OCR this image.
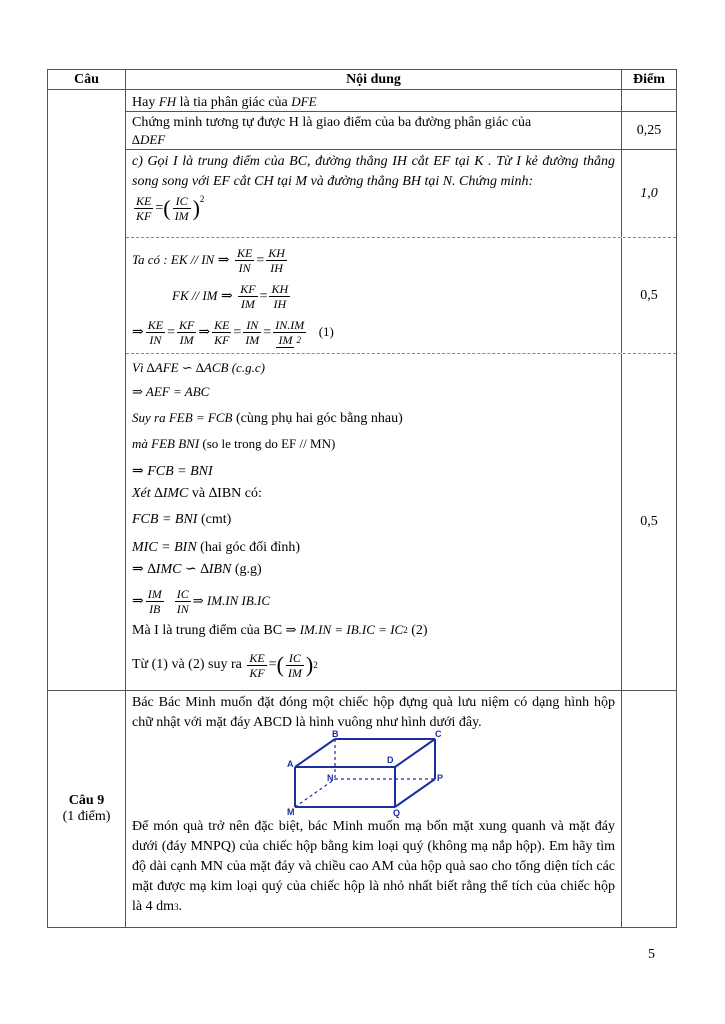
Câu	Nội dung	Điểm
Hay FH là tia phân giác của DFE
Chứng minh tương tự được H là giao điểm của ba đường phân giác của
∆DEF
0,25
c) Gọi I là trung điểm của BC, đường thẳng IH cắt EF tại K . Từ I kẻ đường thẳng song song với EF cắt CH tại M và đường thẳng BH tại N. Chứng minh:
$\frac{KE}{KF}$ =( $\frac{IC}{IM} )^2$	1,0
Ta có : EK // IN ⇒ $\frac{KE}{IN} = \frac{KH}{IH}$
FK // IM ⇒ $\frac{KF}{IM} = \frac{KH}{IH}$
⇒ $\frac{KE}{IN} = \frac{KF}{IM}$ ⇒ $\frac{KE}{KF} = \frac{IN}{IM} = \frac{IN.IM}{IM ^2} (1)$
0,5
Vì ∆AFE ∽ ∆ACB (c.g.c)
⇒ AEF = ABC
Suy ra FEB = FCB (cùng phụ hai góc bằng nhau)
mà FEB BNI (so le trong do EF // MN)
⇒ FCB = BNI
Xét ∆IMC và ∆IBN có:
FCB = BNI (cmt)
MIC = BIN (hai góc đối đỉnh)
⇒ ∆IMC ∽ ∆IBN (g.g)
⇒ $\frac{IM}{IB}$
$\frac{IC}{IN}$ ⇒ IM.IN IB.IC
Mà I là trung điểm của BC ⇒ $IM.IN = IB.IC = IC^2$ (2)
Từ (1) và (2) suy ra $\frac{KE}{KF}$ =( $\frac{IC}{IM} )^2$
0,5
Câu 9
(1 điểm)
Bác Bác Minh muốn đặt đóng một chiếc hộp đựng quà lưu niệm có dạng hình hộp chữ nhật với mặt đáy ABCD là hình vuông như hình dưới đây.
A
B	C
D
M
N	P
Q
Để món quà trở nên đặc biệt, bác Minh muốn mạ bốn mặt xung quanh và mặt đáy dưới (đáy MNPQ) của chiếc hộp bằng kim loại quý (không mạ nắp hộp). Em hãy tìm độ dài cạnh MN của mặt đáy và chiều cao AM của hộp quà sao cho tổng diện tích các mặt được mạ kim loại quý của chiếc hộp là nhỏ nhất biết rằng thể tích của chiếc hộp là 4 $dm^3$.
5
